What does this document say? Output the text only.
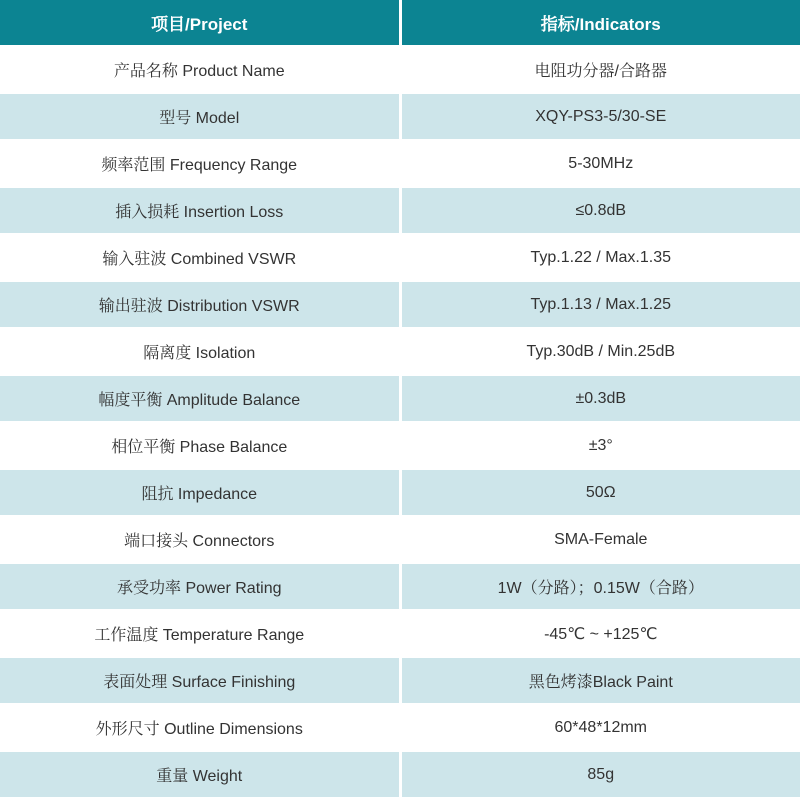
项目/Project	指标/Indicators
产品名称 Product Name	电阻功分器/合路器
型号 Model	XQY-PS3-5/30-SE
频率范围 Frequency Range	5-30MHz
插入损耗 Insertion Loss	≤0.8dB
输入驻波 Combined VSWR	Typ.1.22 / Max.1.35
输出驻波 Distribution VSWR	Typ.1.13 / Max.1.25
隔离度 Isolation	Typ.30dB / Min.25dB
幅度平衡 Amplitude Balance	±0.3dB
相位平衡 Phase Balance	±3°
阻抗 Impedance	50Ω
端口接头 Connectors	SMA-Female
承受功率 Power Rating	1W（分路）；0.15W（合路）
工作温度 Temperature Range	-45℃ ~ +125℃
表面处理 Surface Finishing	黑色烤漆Black Paint
外形尺寸 Outline Dimensions	60*48*12mm
重量 Weight	85g
